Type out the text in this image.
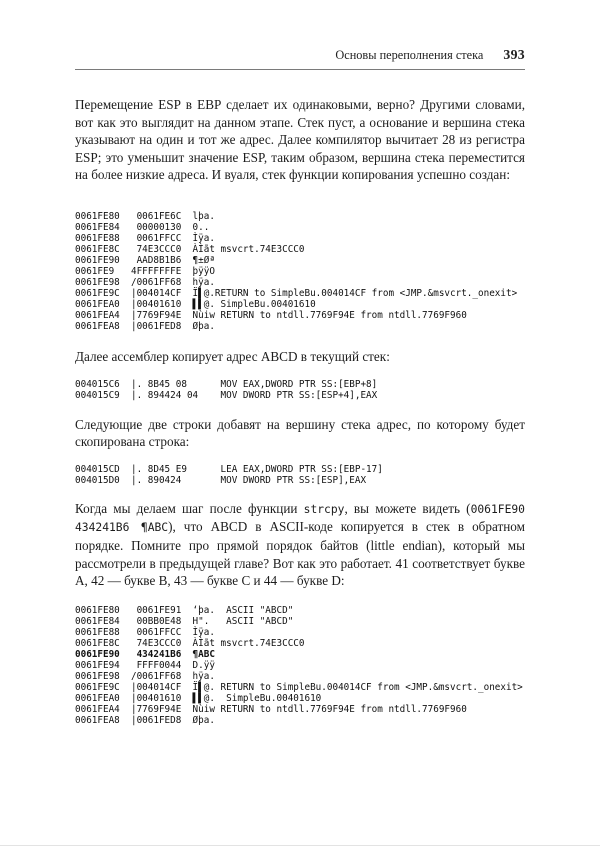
Основы переполнения стека 393

Перемещение ESP в EBP сделает их одинаковыми, верно? Другими словами, вот как это выглядит на данном этапе. Стек пуст, а основание и вершина стека указывают на один и тот же адрес. Далее компилятор вычитает 28 из регистра ESP; это уменьшит значение ESP, таким образом, вершина стека переместится на более низкие адреса. И вуаля, стек функции копирования успешно создан:

0061FE80   0061FE6C  lþa.
0061FE84   00000130  0..
0061FE88   0061FFCC  Ìÿa.
0061FE8C   74E3CCC0  ÀÌãt msvcrt.74E3CCC0
0061FE90   AAD8B1B6  ¶±Øª
0061FE9   4FFFFFFFE  þÿÿO
0061FE98  /0061FF68  hÿa.
0061FE9C  |004014CF  Ï▌@.RETURN to SimpleBu.004014CF from <JMP.&msvcrt._onexit>
0061FEA0  |00401610  ▌▌@. SimpleBu.00401610
0061FEA4  |7769F94E  Nùiw RETURN to ntdll.7769F94E from ntdll.7769F960
0061FEA8  |0061FED8  Øþa.

Далее ассемблер копирует адрес ABCD в текущий стек:

004015C6  |. 8B45 08      MOV EAX,DWORD PTR SS:[EBP+8]
004015C9  |. 894424 04    MOV DWORD PTR SS:[ESP+4],EAX

Следующие две строки добавят на вершину стека адрес, по которому будет скопирована строка:

004015CD  |. 8D45 E9      LEA EAX,DWORD PTR SS:[EBP-17]
004015D0  |. 890424       MOV DWORD PTR SS:[ESP],EAX

Когда мы делаем шаг после функции strcpy, вы можете видеть (0061FE90 434241B6 ¶ABC), что ABCD в ASCII-коде копируется в стек в обратном порядке. Помните про прямой порядок байтов (little endian), который мы рассмотрели в предыдущей главе? Вот как это работает. 41 соответствует букве A, 42 — букве B, 43 — букве C и 44 — букве D:

0061FE80   0061FE91  ‘þa.  ASCII "ABCD"
0061FE84   00BB0E48  H".   ASCII "ABCD"
0061FE88   0061FFCC  Ìÿa.
0061FE8C   74E3CCC0  ÀÌãt msvcrt.74E3CCC0
0061FE90   434241B6  ¶ABC
0061FE94   FFFF0044  D.ÿÿ
0061FE98  /0061FF68  hÿa.
0061FE9C  |004014CF  Ï▌@. RETURN to SimpleBu.004014CF from <JMP.&msvcrt._onexit>
0061FEA0  |00401610  ▌▌@.  SimpleBu.00401610
0061FEA4  |7769F94E  Nùiw RETURN to ntdll.7769F94E from ntdll.7769F960
0061FEA8  |0061FED8  Øþa.
